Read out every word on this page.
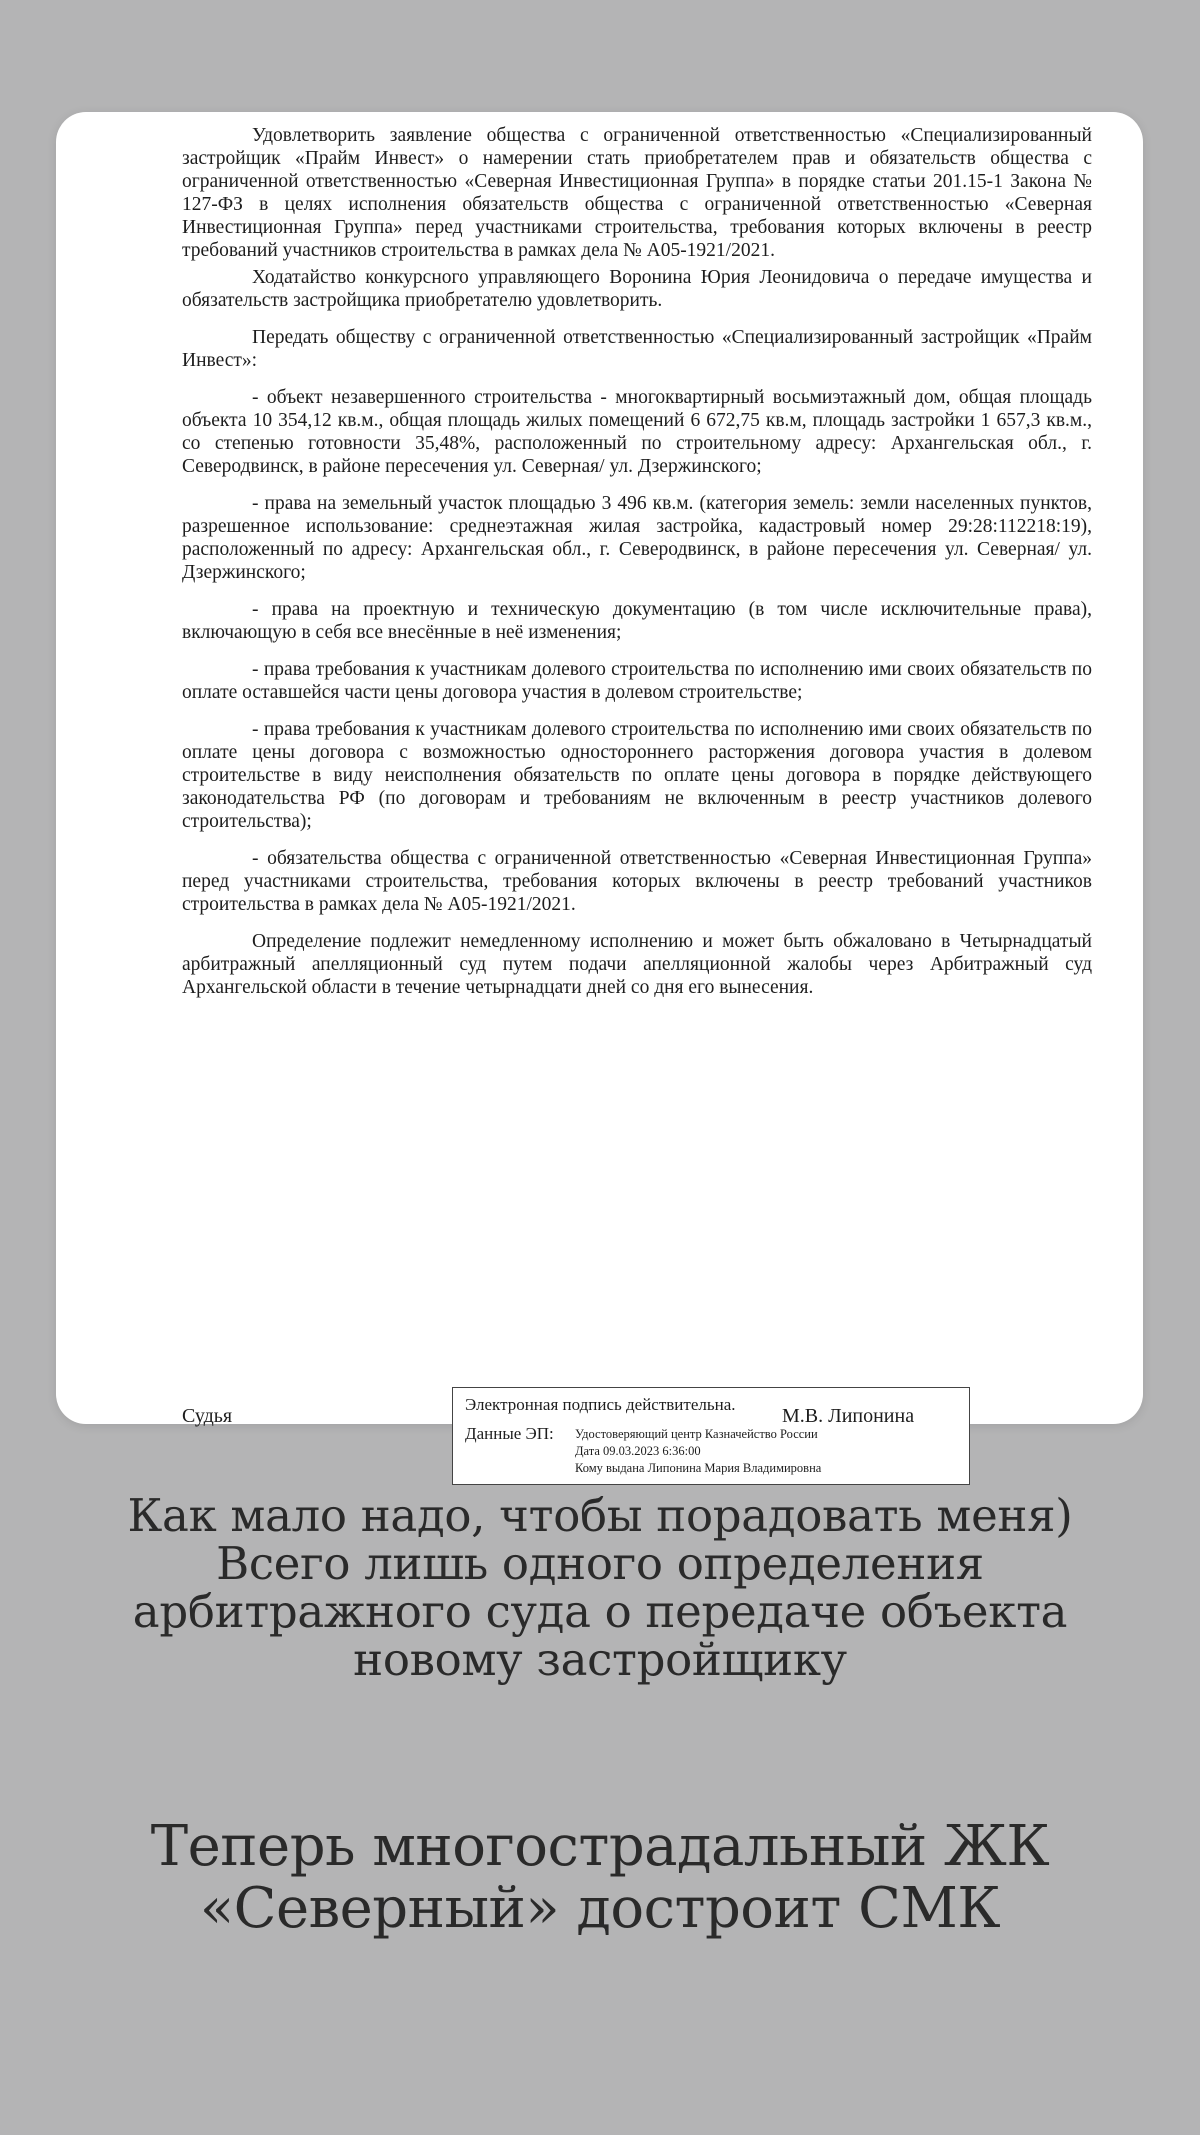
Удовлетворить заявление общества с ограниченной ответственностью «Специализированный застройщик «Прайм Инвест» о намерении стать приобретателем прав и обязательств общества с ограниченной ответственностью «Северная Инвестиционная Группа» в порядке статьи 201.15-1 Закона № 127-ФЗ в целях исполнения обязательств общества с ограниченной ответственностью «Северная Инвестиционная Группа» перед участниками строительства, требования которых включены в реестр требований участников строительства в рамках дела № А05-1921/2021.

Ходатайство конкурсного управляющего Воронина Юрия Леонидовича о передаче имущества и обязательств застройщика приобретателю удовлетворить.

Передать обществу с ограниченной ответственностью «Специализированный застройщик «Прайм Инвест»:

- объект незавершенного строительства - многоквартирный восьмиэтажный дом, общая площадь объекта 10 354,12 кв.м., общая площадь жилых помещений 6 672,75 кв.м, площадь застройки 1 657,3 кв.м., со степенью готовности 35,48%, расположенный по строительному адресу: Архангельская обл., г. Северодвинск, в районе пересечения ул. Северная/ ул. Дзержинского;

- права на земельный участок площадью 3 496 кв.м. (категория земель: земли населенных пунктов, разрешенное использование: среднеэтажная жилая застройка, кадастровый номер 29:28:112218:19), расположенный по адресу: Архангельская обл., г. Северодвинск, в районе пересечения ул. Северная/ ул. Дзержинского;

- права на проектную и техническую документацию (в том числе исключительные права), включающую в себя все внесённые в неё изменения;

- права требования к участникам долевого строительства по исполнению ими своих обязательств по оплате оставшейся части цены договора участия в долевом строительстве;

- права требования к участникам долевого строительства по исполнению ими своих обязательств по оплате цены договора с возможностью одностороннего расторжения договора участия в долевом строительстве в виду неисполнения обязательств по оплате цены договора в порядке действующего законодательства РФ (по договорам и требованиям не включенным в реестр участников долевого строительства);

- обязательства общества с ограниченной ответственностью «Северная Инвестиционная Группа» перед участниками строительства, требования которых включены в реестр требований участников строительства в рамках дела № А05-1921/2021.

Определение подлежит немедленному исполнению и может быть обжаловано в Четырнадцатый арбитражный апелляционный суд путем подачи апелляционной жалобы через Арбитражный суд Архангельской области в течение четырнадцати дней со дня его вынесения.

Судья
Электронная подпись действительна.
Данные ЭП: Удостоверяющий центр Казначейство России
Дата 09.03.2023 6:36:00
Кому выдана Липонина Мария Владимировна
М.В. Липонина
Как мало надо, чтобы порадовать меня)
Всего лишь одного определения
арбитражного суда о передаче объекта
новому застройщику
Теперь многострадальный ЖК
«Северный» достроит СМК
